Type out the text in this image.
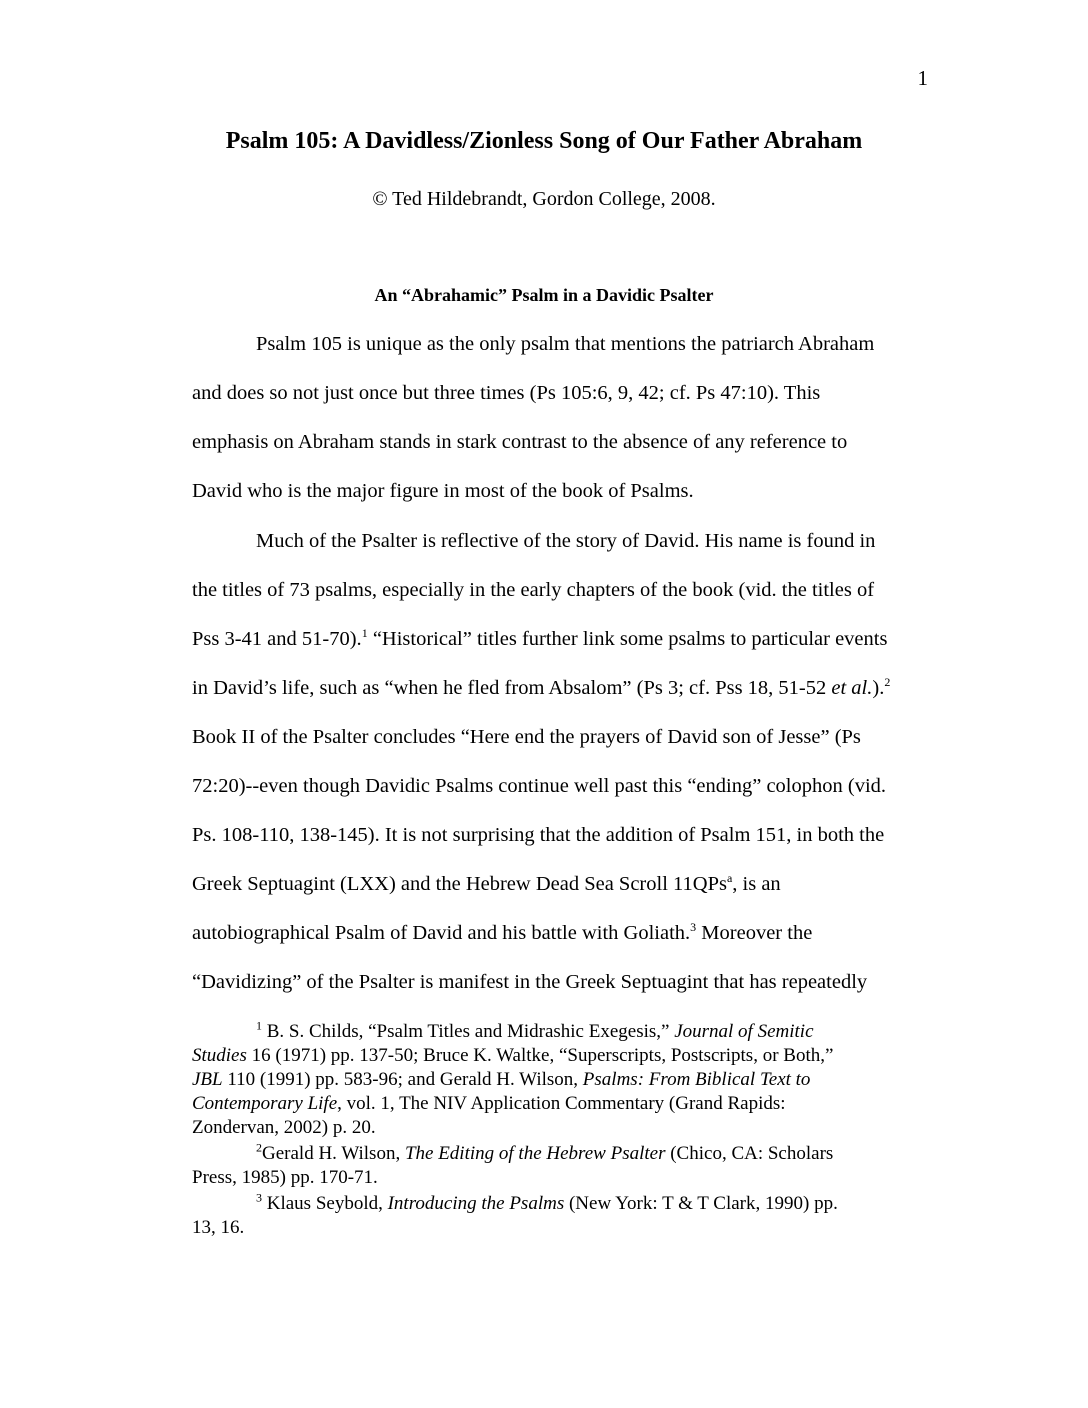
1
Psalm 105: A Davidless/Zionless Song of Our Father Abraham
© Ted Hildebrandt, Gordon College, 2008.
An “Abrahamic” Psalm in a Davidic Psalter
Psalm 105 is unique as the only psalm that mentions the patriarch Abraham
and does so not just once but three times (Ps 105:6, 9, 42; cf. Ps 47:10). This
emphasis on Abraham stands in stark contrast to the absence of any reference to
David who is the major figure in most of the book of Psalms.
Much of the Psalter is reflective of the story of David. His name is found in
the titles of 73 psalms, especially in the early chapters of the book (vid. the titles of
Pss 3-41 and 51-70).$^1$ “Historical” titles further link some psalms to particular events
in David’s life, such as “when he fled from Absalom” (Ps 3; cf. Pss 18, 51-52 et al.).$^2$
Book II of the Psalter concludes “Here end the prayers of David son of Jesse” (Ps
72:20)--even though Davidic Psalms continue well past this “ending” colophon (vid.
Ps. 108-110, 138-145). It is not surprising that the addition of Psalm 151, in both the
Greek Septuagint (LXX) and the Hebrew Dead Sea Scroll 11QPs$^a$, is an
autobiographical Psalm of David and his battle with Goliath.$^3$ Moreover the
“Davidizing” of the Psalter is manifest in the Greek Septuagint that has repeatedly
$^1$ B. S. Childs, “Psalm Titles and Midrashic Exegesis,” Journal of Semitic
Studies 16 (1971) pp. 137-50; Bruce K. Waltke, “Superscripts, Postscripts, or Both,”
JBL 110 (1991) pp. 583-96; and Gerald H. Wilson, Psalms: From Biblical Text to
Contemporary Life, vol. 1, The NIV Application Commentary (Grand Rapids:
Zondervan, 2002) p. 20.
$^2$Gerald H. Wilson, The Editing of the Hebrew Psalter (Chico, CA: Scholars
Press, 1985) pp. 170-71.
$^3$ Klaus Seybold, Introducing the Psalms (New York: T & T Clark, 1990) pp.
13, 16.
